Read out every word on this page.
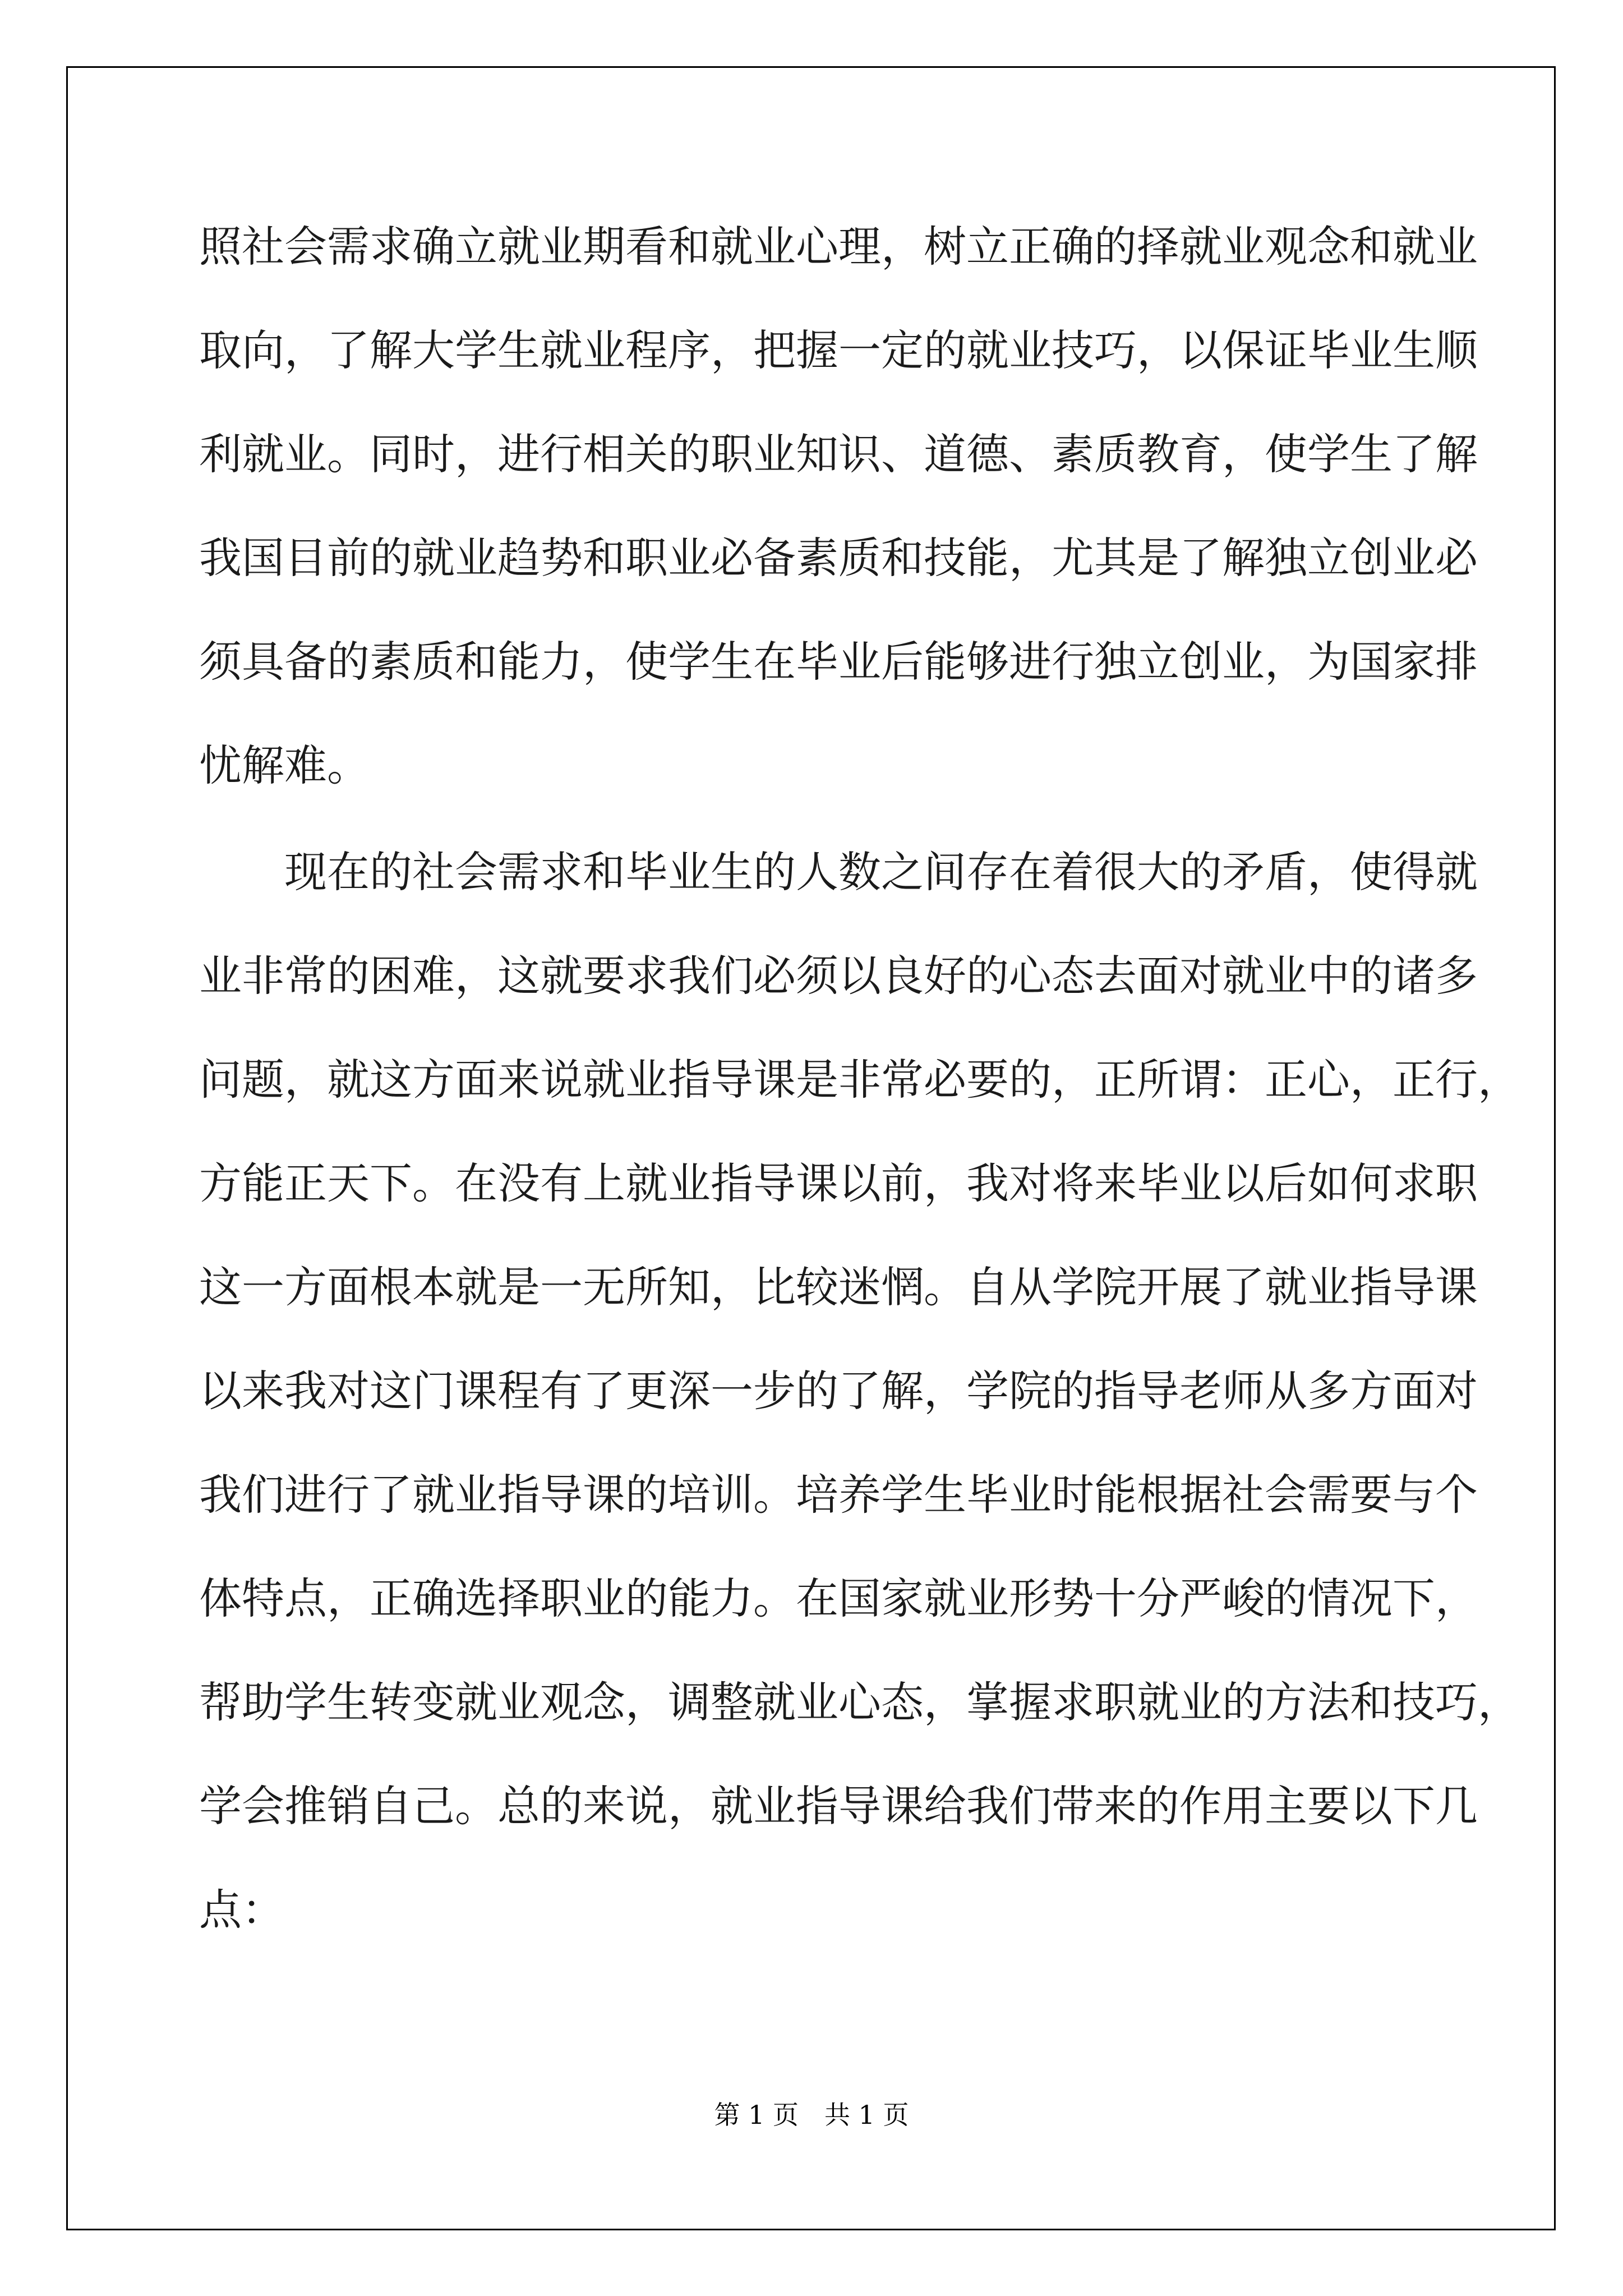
照社会需求确立就业期看和就业心理，树立正确的择就业观念和就业

取向，了解大学生就业程序，把握一定的就业技巧，以保证毕业生顺

利就业。同时，进行相关的职业知识、道德、素质教育，使学生了解

我国目前的就业趋势和职业必备素质和技能，尤其是了解独立创业必

须具备的素质和能力，使学生在毕业后能够进行独立创业，为国家排

忧解难。

　　现在的社会需求和毕业生的人数之间存在着很大的矛盾，使得就

业非常的困难，这就要求我们必须以良好的心态去面对就业中的诸多

问题，就这方面来说就业指导课是非常必要的，正所谓：正心，正行，

方能正天下。在没有上就业指导课以前，我对将来毕业以后如何求职

这一方面根本就是一无所知，比较迷惘。自从学院开展了就业指导课

以来我对这门课程有了更深一步的了解，学院的指导老师从多方面对

我们进行了就业指导课的培训。培养学生毕业时能根据社会需要与个

体特点，正确选择职业的能力。在国家就业形势十分严峻的情况下，

帮助学生转变就业观念，调整就业心态，掌握求职就业的方法和技巧，

学会推销自己。总的来说，就业指导课给我们带来的作用主要以下几

点：

第 1 页　共 1 页
